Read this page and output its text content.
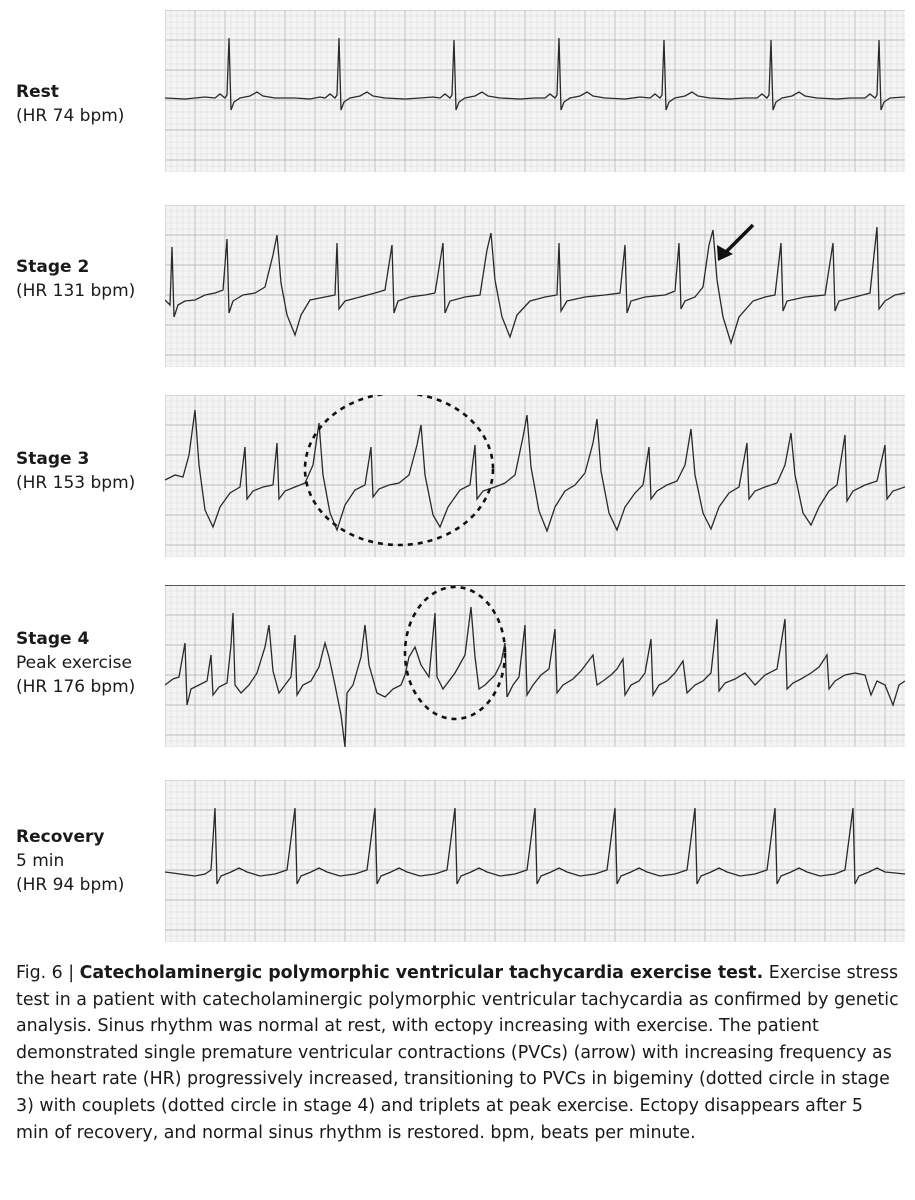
Rest
(HR 74 bpm)
Stage 2
(HR 131 bpm)
Stage 3
(HR 153 bpm)
Stage 4
Peak exercise
(HR 176 bpm)
Recovery
5 min
(HR 94 bpm)

Fig. 6 | Catecholaminergic polymorphic ventricular tachycardia exercise test. Exercise stress test in a patient with catecholaminergic polymorphic ventricular tachycardia as confirmed by genetic analysis. Sinus rhythm was normal at rest, with ectopy increasing with exercise. The patient demonstrated single premature ventricular contractions (PVCs) (arrow) with increasing frequency as the heart rate (HR) progressively increased, transitioning to PVCs in bigeminy (dotted circle in stage 3) with couplets (dotted circle in stage 4) and triplets at peak exercise. Ectopy disappears after 5 min of recovery, and normal sinus rhythm is restored. bpm, beats per minute.
